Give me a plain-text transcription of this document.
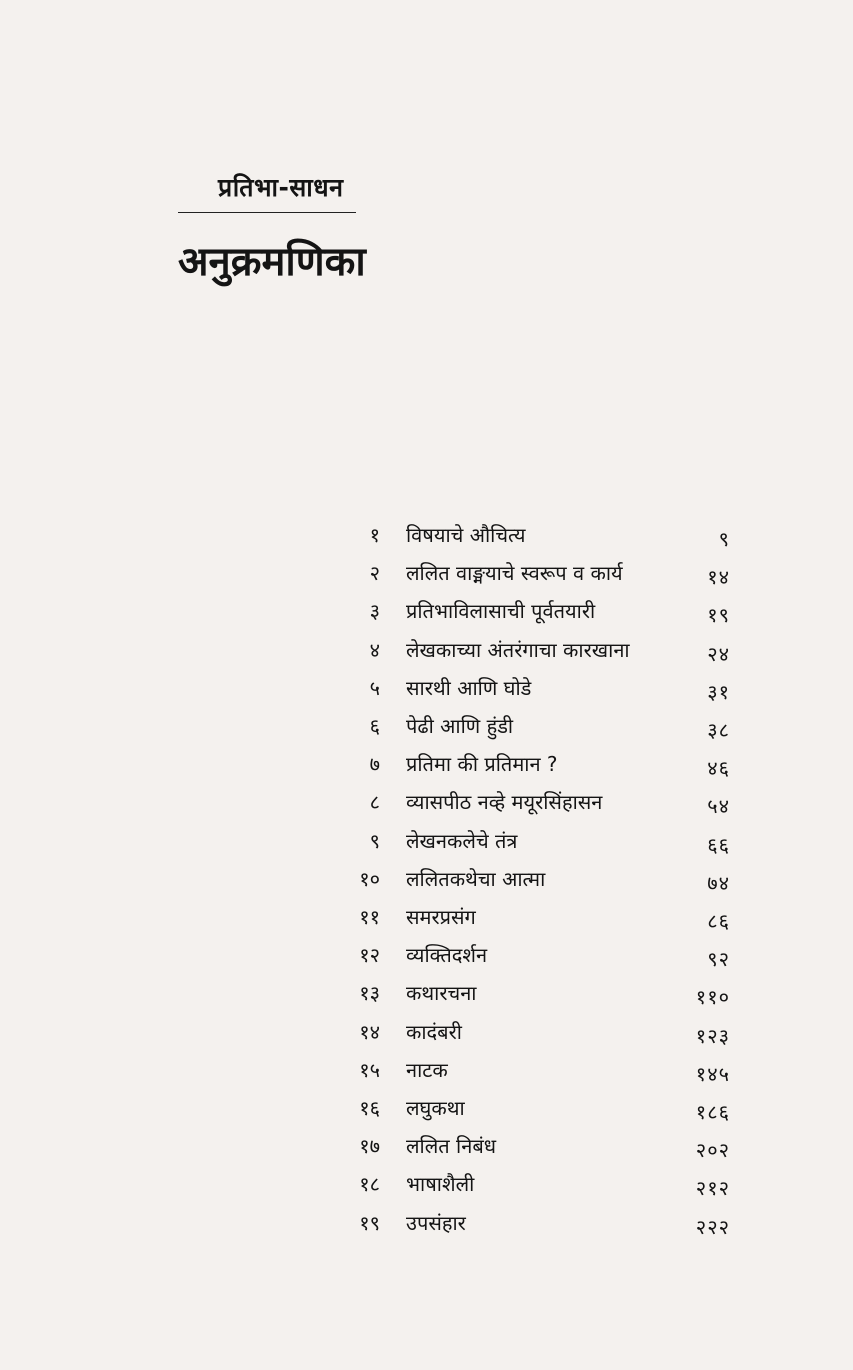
प्रतिभा-साधन
अनुक्रमणिका
१ विषयाचे औचित्य	९
२ ललित वाङ्मयाचे स्वरूप व कार्य	१४
३ प्रतिभाविलासाची पूर्वतयारी	१९
४ लेखकाच्या अंतरंगाचा कारखाना	२४
५ सारथी आणि घोडे	३१
६ पेढी आणि हुंडी	३८
७ प्रतिमा की प्रतिमान ?	४६
८ व्यासपीठ नव्हे मयूरसिंहासन	५४
९ लेखनकलेचे तंत्र	६६
१० ललितकथेचा आत्मा	७४
११ समरप्रसंग	८६
१२ व्यक्तिदर्शन	९२
१३ कथारचना	११०
१४ कादंबरी	१२३
१५ नाटक	१४५
१६ लघुकथा	१८६
१७ ललित निबंध	२०२
१८ भाषाशैली	२१२
१९ उपसंहार	२२२
